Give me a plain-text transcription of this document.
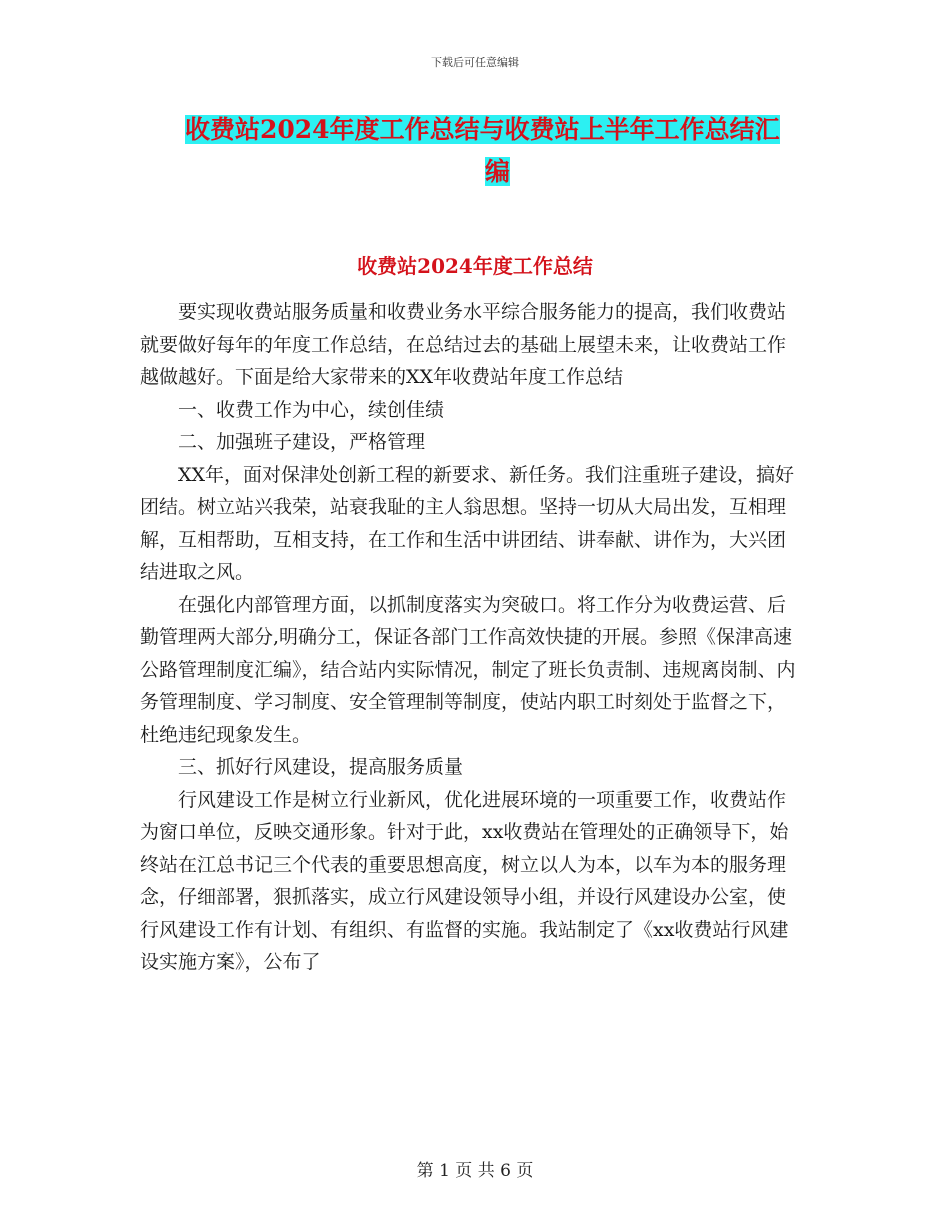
下载后可任意编辑
收费站2024年度工作总结与收费站上半年工作总结汇
编
收费站2024年度工作总结

要实现收费站服务质量和收费业务水平综合服务能力的提高，我们收费站就要做好每年的年度工作总结，在总结过去的基础上展望未来，让收费站工作越做越好。下面是给大家带来的XX年收费站年度工作总结

一、收费工作为中心，续创佳绩

二、加强班子建设，严格管理

XX年，面对保津处创新工程的新要求、新任务。我们注重班子建设，搞好团结。树立站兴我荣，站衰我耻的主人翁思想。坚持一切从大局出发，互相理解，互相帮助，互相支持，在工作和生活中讲团结、讲奉献、讲作为，大兴团结进取之风。

在强化内部管理方面，以抓制度落实为突破口。将工作分为收费运营、后勤管理两大部分,明确分工，保证各部门工作高效快捷的开展。参照《保津高速公路管理制度汇编》，结合站内实际情况，制定了班长负责制、违规离岗制、内务管理制度、学习制度、安全管理制等制度，使站内职工时刻处于监督之下，杜绝违纪现象发生。

三、抓好行风建设，提高服务质量

行风建设工作是树立行业新风，优化进展环境的一项重要工作，收费站作为窗口单位，反映交通形象。针对于此，xx收费站在管理处的正确领导下，始终站在江总书记三个代表的重要思想高度，树立以人为本，以车为本的服务理念，仔细部署，狠抓落实，成立行风建设领导小组，并设行风建设办公室，使行风建设工作有计划、有组织、有监督的实施。我站制定了《xx收费站行风建设实施方案》，公布了

第 1 页 共 6 页
